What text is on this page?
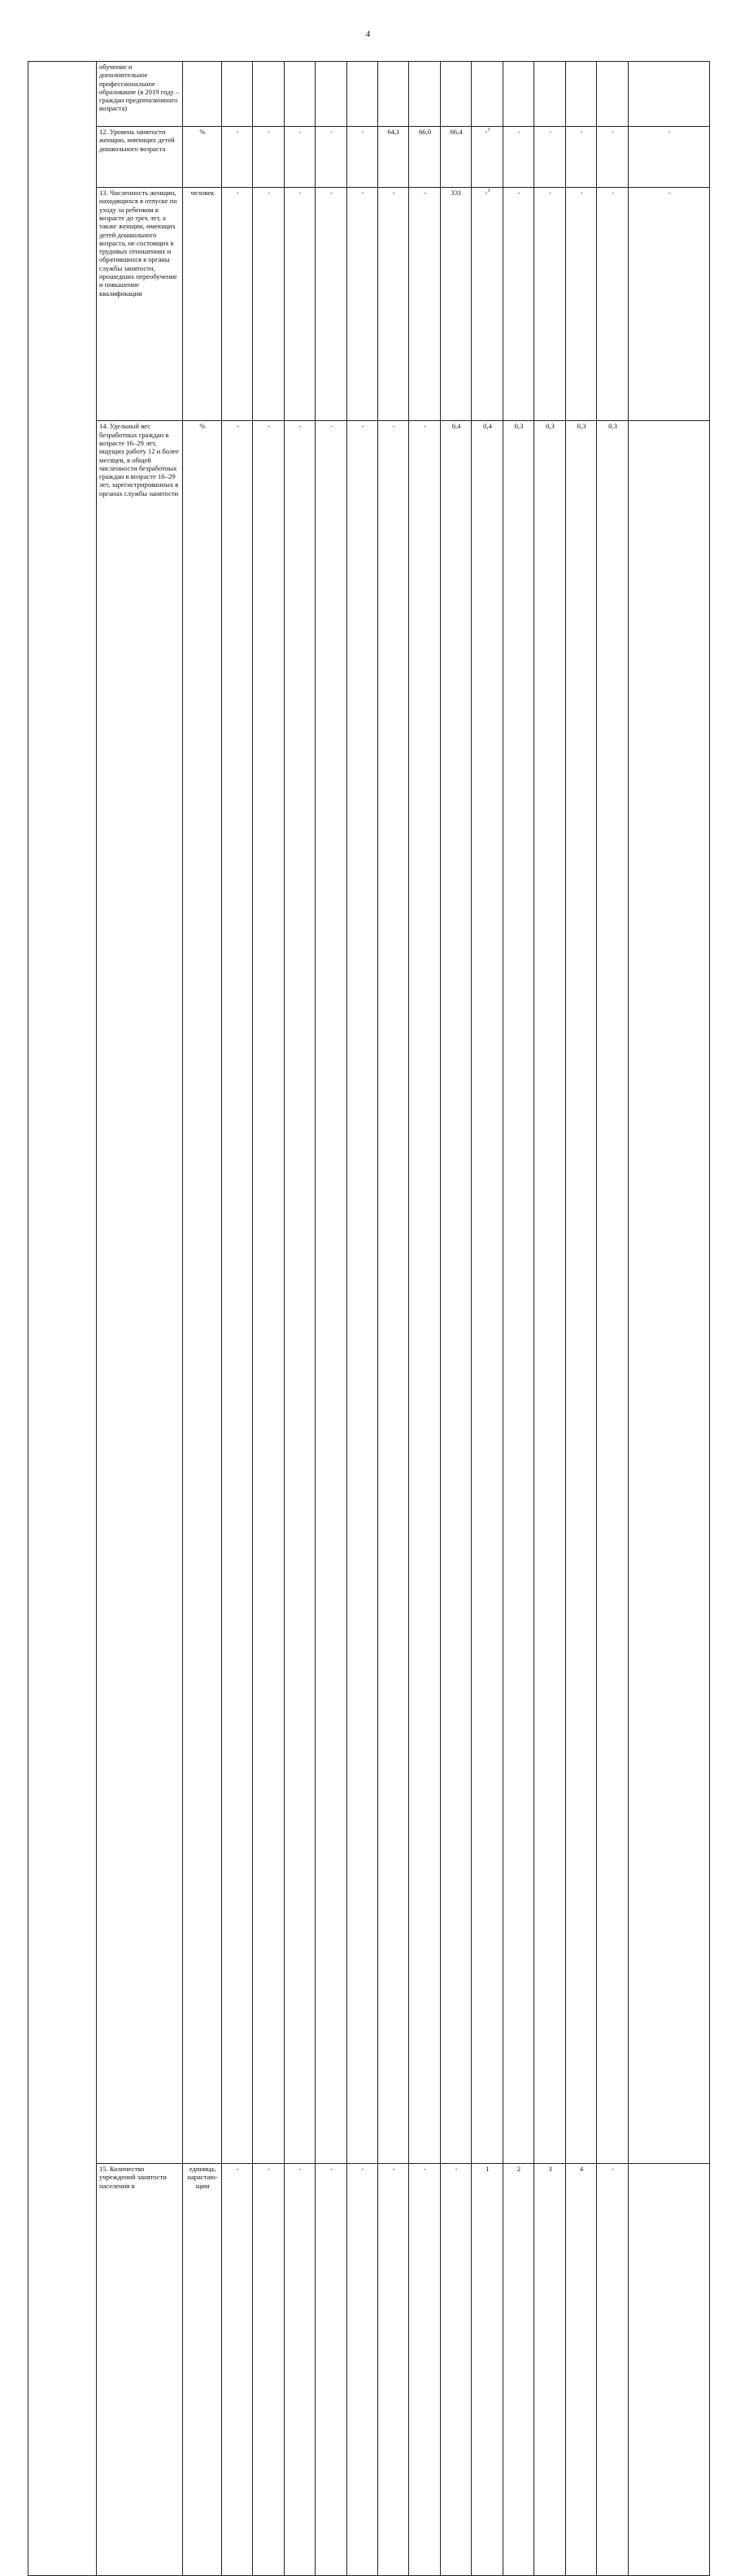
4
	обучение и дополнительное профессиональное образование (в 2019 году – граждан предпенсионного возраста)																
	12. Уровень занятости женщин, имеющих детей дошкольного возраста	%	-	-	-	-	-	64,1	66,0	66,4	-$^3$	-	-	-	-	-	
	13. Численность женщин, находящихся в отпуске по уходу за ребенком в возрасте до трех лет, а также женщин, имеющих детей дошкольного возраста, не состоящих в трудовых отношениях и обратившихся в органы службы занятости, прошедших переобучение и повышение квалификации	человек	-	-	-	-	-	-	-	331	-$^3$	-	-	-	-	-	
	14. Удельный вес безработных граждан в возрасте 16–29 лет, ищущих работу 12 и более месяцев, в общей численности безработных граждан в возрасте 16–29 лет, зарегистрированных в органах службы занятости	%	-	-	-	-	-	-	-	0,4	0,4	0,3	0,3	0,3	0,3		
	15. Количество учреждений занятости населения в	единица, нарастаю-щим	-	-	-	-	-	-	-	-	1	2	3	4	-		
